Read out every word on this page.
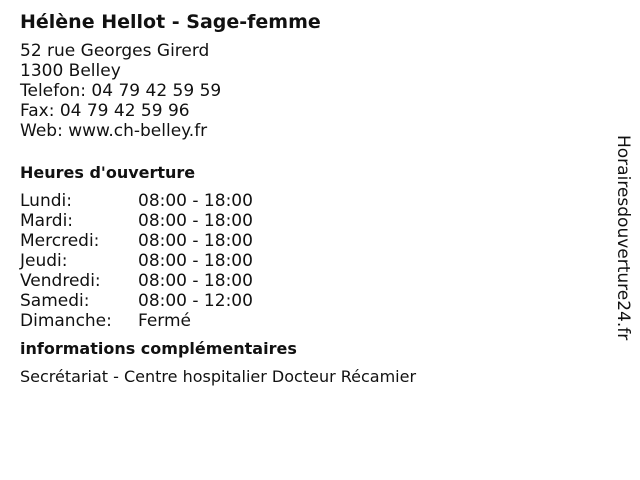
Hélène Hellot - Sage-femme
52 rue Georges Girerd
1300 Belley
Telefon: 04 79 42 59 59
Fax: 04 79 42 59 96
Web: www.ch-belley.fr
Heures d'ouverture
Lundi:	08:00 - 18:00
Mardi:	08:00 - 18:00
Mercredi:	08:00 - 18:00
Jeudi:	08:00 - 18:00
Vendredi:	08:00 - 18:00
Samedi:	08:00 - 12:00
Dimanche:	Fermé
informations complémentaires
Secrétariat - Centre hospitalier Docteur Récamier
Horairesdouverture24.fr
